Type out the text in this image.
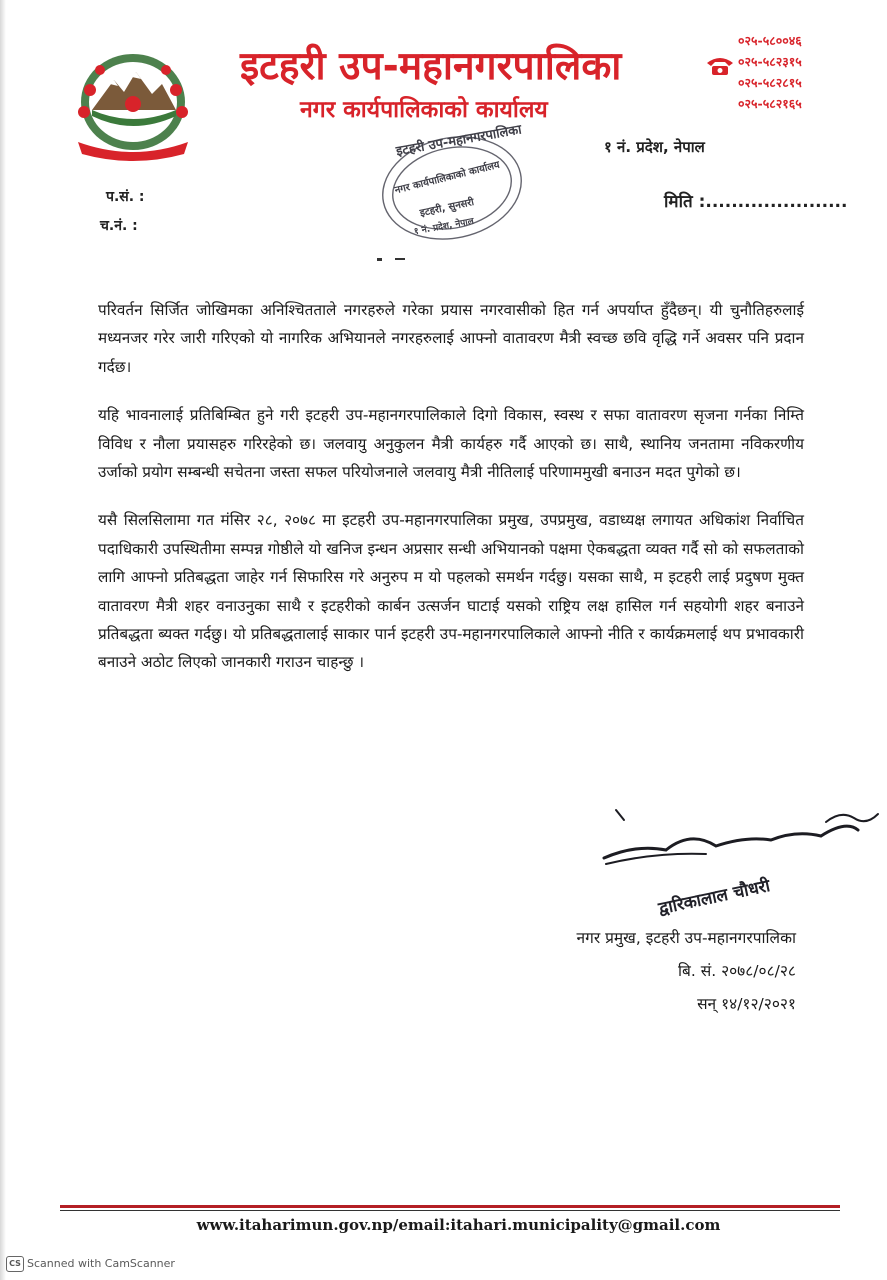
इटहरी उप-महानगरपालिका
नगर कार्यपालिकाको कार्यालय
०२५-५८००४६
०२५-५८२३१५
०२५-५८२८१५
०२५-५८२१६५
१ नं. प्रदेश, नेपाल
प.सं. :
च.नं. :
मिति :......................
इटहरी उप-महानगरपालिका
नगर कार्यपालिकाको कार्यालय
इटहरी, सुनसरी
१ नं. प्रदेश, नेपाल

परिवर्तन सिर्जित जोखिमका अनिश्चितताले नगरहरुले गरेका प्रयास नगरवासीको हित गर्न अपर्याप्त हुँदैछन्। यी चुनौतिहरुलाई मध्यनजर गरेर जारी गरिएको यो नागरिक अभियानले नगरहरुलाई आफ्नो वातावरण मैत्री स्वच्छ छवि वृद्धि गर्ने अवसर पनि प्रदान गर्दछ।

यहि भावनालाई प्रतिबिम्बित हुने गरी इटहरी उप-महानगरपालिकाले दिगो विकास, स्वस्थ र सफा वातावरण सृजना गर्नका निम्ति विविध र नौला प्रयासहरु गरिरहेको छ। जलवायु अनुकुलन मैत्री कार्यहरु गर्दै आएको छ। साथै, स्थानिय जनतामा नविकरणीय उर्जाको प्रयोग सम्बन्धी सचेतना जस्ता सफल परियोजनाले जलवायु मैत्री नीतिलाई परिणाममुखी बनाउन मदत पुगेको छ।

यसै सिलसिलामा गत मंसिर २८, २०७८ मा इटहरी उप-महानगरपालिका प्रमुख, उपप्रमुख, वडाध्यक्ष लगायत अधिकांश निर्वाचित पदाधिकारी उपस्थितीमा सम्पन्न गोष्ठीले यो खनिज इन्धन अप्रसार सन्धी अभियानको पक्षमा ऐकबद्धता व्यक्त गर्दै सो को सफलताको लागि आफ्नो प्रतिबद्धता जाहेर गर्न सिफारिस गरे अनुरुप म यो पहलको समर्थन गर्दछु। यसका साथै, म इटहरी लाई प्रदुषण मुक्त वातावरण मैत्री शहर वनाउनुका साथै र इटहरीको कार्बन उत्सर्जन घाटाई यसको राष्ट्रिय लक्ष हासिल गर्न सहयोगी शहर बनाउने प्रतिबद्धता ब्यक्त गर्दछु। यो प्रतिबद्धतालाई साकार पार्न इटहरी उप-महानगरपालिकाले आफ्नो नीति र कार्यक्रमलाई थप प्रभावकारी बनाउने अठोट लिएको जानकारी गराउन चाहन्छु ।

द्वारिकालाल चौधरी
नगर प्रमुख, इटहरी उप-महानगरपालिका
बि. सं. २०७८/०८/२८
सन् १४/१२/२०२१
www.itaharimun.gov.np/email:itahari.municipality@gmail.com
CS Scanned with CamScanner
